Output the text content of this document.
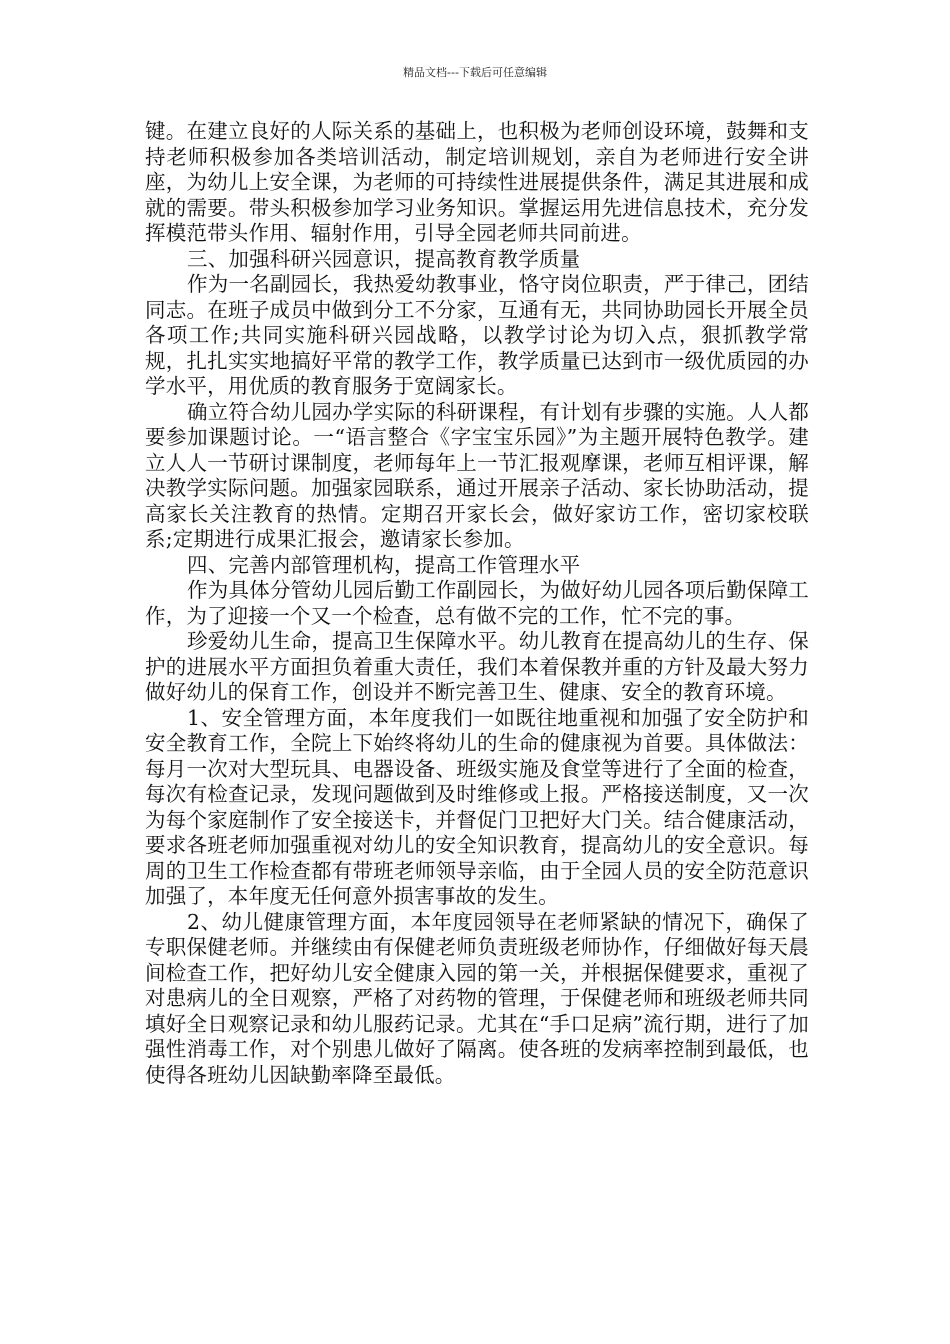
精品文档---下载后可任意编辑

键。在建立良好的人际关系的基础上，也积极为老师创设环境，鼓舞和支持老师积极参加各类培训活动，制定培训规划，亲自为老师进行安全讲座，为幼儿上安全课，为老师的可持续性进展提供条件，满足其进展和成就的需要。带头积极参加学习业务知识。掌握运用先进信息技术，充分发挥模范带头作用、辐射作用，引导全园老师共同前进。

三、加强科研兴园意识，提高教育教学质量

作为一名副园长，我热爱幼教事业，恪守岗位职责，严于律己，团结同志。在班子成员中做到分工不分家，互通有无，共同协助园长开展全员各项工作;共同实施科研兴园战略，以教学讨论为切入点，狠抓教学常规，扎扎实实地搞好平常的教学工作，教学质量已达到市一级优质园的办学水平，用优质的教育服务于宽阔家长。

确立符合幼儿园办学实际的科研课程，有计划有步骤的实施。人人都要参加课题讨论。一“语言整合《字宝宝乐园》”为主题开展特色教学。建立人人一节研讨课制度，老师每年上一节汇报观摩课，老师互相评课，解决教学实际问题。加强家园联系，通过开展亲子活动、家长协助活动，提高家长关注教育的热情。定期召开家长会，做好家访工作，密切家校联系;定期进行成果汇报会，邀请家长参加。

四、完善内部管理机构，提高工作管理水平

作为具体分管幼儿园后勤工作副园长，为做好幼儿园各项后勤保障工作，为了迎接一个又一个检查，总有做不完的工作，忙不完的事。

珍爱幼儿生命，提高卫生保障水平。幼儿教育在提高幼儿的生存、保护的进展水平方面担负着重大责任，我们本着保教并重的方针及最大努力做好幼儿的保育工作，创设并不断完善卫生、健康、安全的教育环境。

1、安全管理方面，本年度我们一如既往地重视和加强了安全防护和安全教育工作，全院上下始终将幼儿的生命的健康视为首要。具体做法：每月一次对大型玩具、电器设备、班级实施及食堂等进行了全面的检查，每次有检查记录，发现问题做到及时维修或上报。严格接送制度，又一次为每个家庭制作了安全接送卡，并督促门卫把好大门关。结合健康活动，要求各班老师加强重视对幼儿的安全知识教育，提高幼儿的安全意识。每周的卫生工作检查都有带班老师领导亲临，由于全园人员的安全防范意识加强了，本年度无任何意外损害事故的发生。

2、幼儿健康管理方面，本年度园领导在老师紧缺的情况下，确保了专职保健老师。并继续由有保健老师负责班级老师协作，仔细做好每天晨间检查工作，把好幼儿安全健康入园的第一关，并根据保健要求，重视了对患病儿的全日观察，严格了对药物的管理，于保健老师和班级老师共同填好全日观察记录和幼儿服药记录。尤其在“手口足病”流行期，进行了加强性消毒工作，对个别患儿做好了隔离。使各班的发病率控制到最低，也使得各班幼儿因缺勤率降至最低。
